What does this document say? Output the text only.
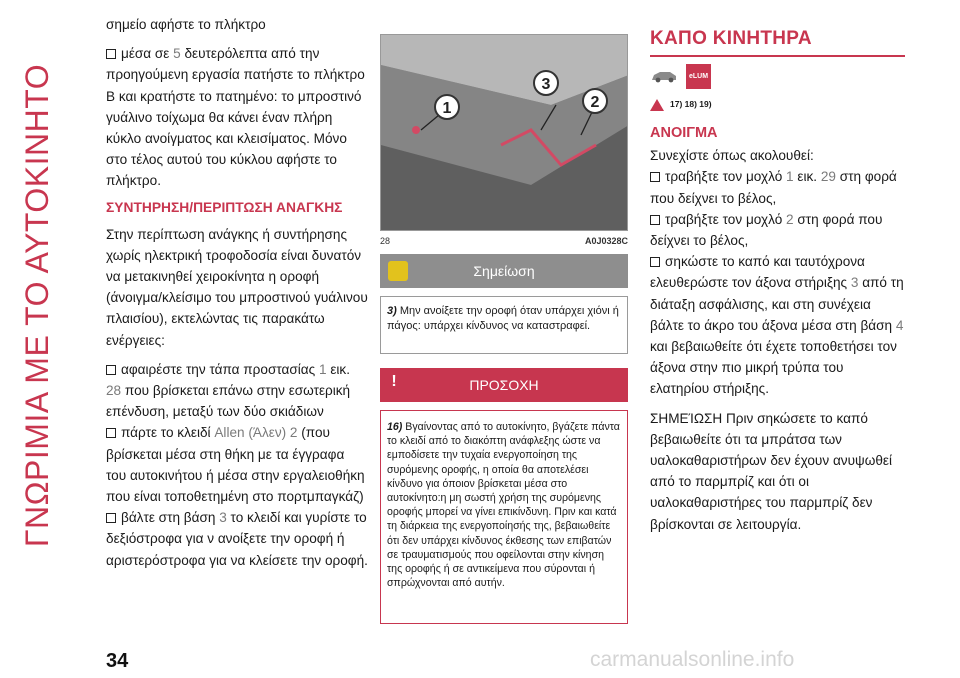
ΓΝΩΡΙΜΙΑ ΜΕ ΤΟ ΑΥΤΟΚΙΝΗΤΟ
σημείο αφήστε το πλήκτρο
μέσα σε 5 δευτερόλεπτα από την προηγούμενη εργασία πατήστε το πλήκτρο B και κρατήστε το πατημένο: το μπροστινό γυάλινο τοίχωμα θα κάνει έναν πλήρη κύκλο ανοίγματος και κλεισίματος. Μόνο στο τέλος αυτού του κύκλου αφήστε το πλήκτρο.
ΣΥΝΤΗΡΗΣΗ/ΠΕΡΙΠΤΩΣΗ ΑΝΑΓΚΗΣ
Στην περίπτωση ανάγκης ή συντήρησης χωρίς ηλεκτρική τροφοδοσία είναι δυνατόν να μετακινηθεί χειροκίνητα η οροφή (άνοιγμα/κλείσιμο του μπροστινού γυάλινου πλαισίου), εκτελώντας τις παρακάτω ενέργειες:
αφαιρέστε την τάπα προστασίας 1 εικ. 28 που βρίσκεται επάνω στην εσωτερική επένδυση, μεταξύ των δύο σκιάδιων
πάρτε το κλειδί Allen (Άλεν) 2 (που βρίσκεται μέσα στη θήκη με τα έγγραφα του αυτοκινήτου ή μέσα στην εργαλειοθήκη που είναι τοποθετημένη στο πορτμπαγκάζ)
βάλτε στη βάση 3 το κλειδί και γυρίστε το δεξιόστροφα για ν ανοίξετε την οροφή ή αριστερόστροφα για να κλείσετε την οροφή.
1
3
2
28	A0J0328C
Σημείωση
3) Μην ανοίξετε την οροφή όταν υπάρχει χιόνι ή πάγος: υπάρχει κίνδυνος να καταστραφεί.
ΠΡΟΣΟΧΗ
!
16) Βγαίνοντας από το αυτοκίνητο, βγάζετε πάντα το κλειδί από το διακόπτη ανάφλεξης ώστε να εμποδίσετε την τυχαία ενεργοποίηση της συρόμενης οροφής, η οποία θα αποτελέσει κίνδυνο για όποιον βρίσκεται μέσα στο αυτοκίνητο:η μη σωστή χρήση της συρόμενης οροφής μπορεί να γίνει επικίνδυνη. Πριν και κατά τη διάρκεια της ενεργοποίησής της, βεβαιωθείτε ότι δεν υπάρχει κίνδυνος έκθεσης των επιβατών σε τραυματισμούς που οφείλονται στην κίνηση της οροφής ή σε αντικείμενα που σύρονται ή σπρώχνονται από αυτήν.
ΚΑΠΟ ΚΙΝΗΤΗΡΑ
eLUM
17) 18) 19)
ΑΝΟΙΓΜΑ
Συνεχίστε όπως ακολουθεί:
τραβήξτε τον μοχλό 1 εικ. 29 στη φορά που δείχνει το βέλος,
τραβήξτε τον μοχλό 2 στη φορά που δείχνει το βέλος,
σηκώστε το καπό και ταυτόχρονα ελευθερώστε τον άξονα στήριξης 3 από τη διάταξη ασφάλισης, και στη συνέχεια βάλτε το άκρο του άξονα μέσα στη βάση 4 και βεβαιωθείτε ότι έχετε τοποθετήσει τον άξονα στην πιο μικρή τρύπα του ελατηρίου στήριξης.
ΣΗΜΕΊΩΣΗ Πριν σηκώσετε το καπό βεβαιωθείτε ότι τα μπράτσα των υαλοκαθαριστήρων δεν έχουν ανυψωθεί από το παρμπρίζ και ότι οι υαλοκαθαριστήρες του παρμπρίζ δεν βρίσκονται σε λειτουργία.
34	carmanualsonline.info
